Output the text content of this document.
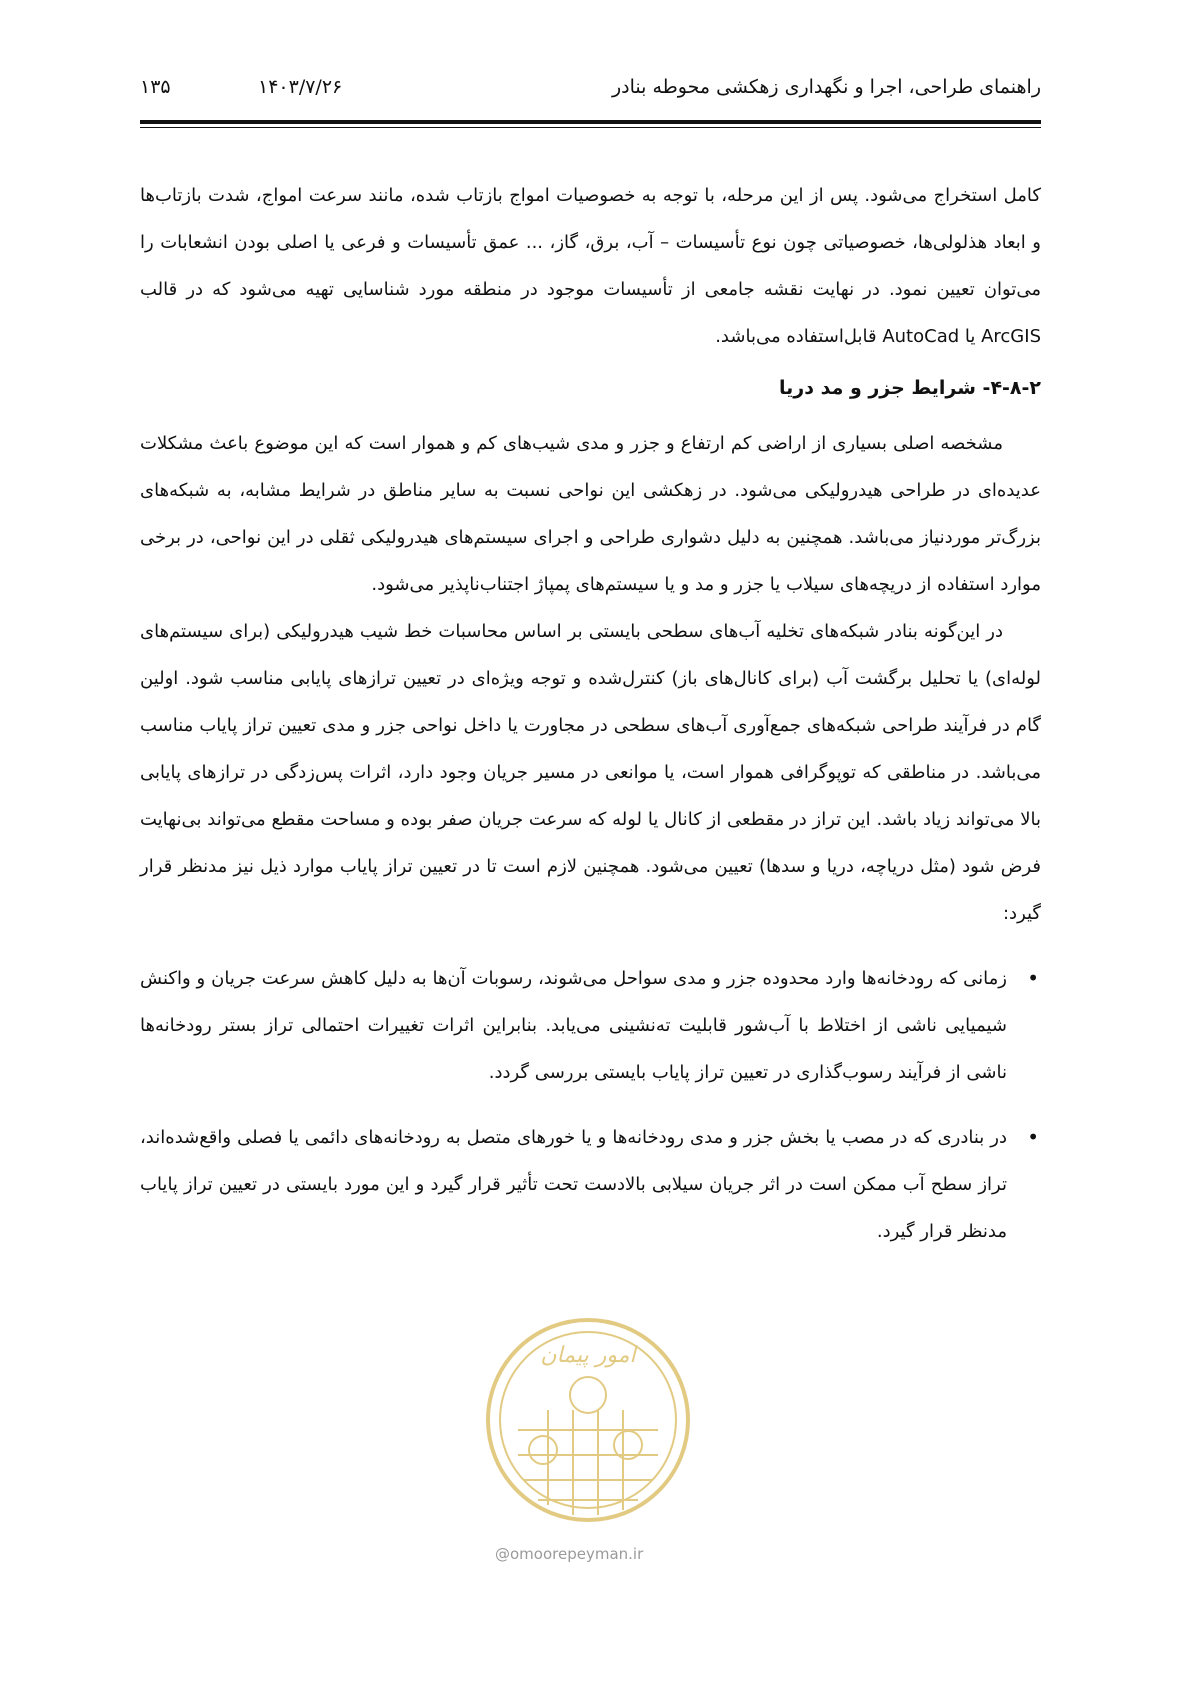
راهنمای طراحی، اجرا و نگهداری زهکشی محوطه بنادر
۱۴۰۳/۷/۲۶
۱۳۵

کامل استخراج می‌شود. پس از این مرحله، با توجه به خصوصیات امواج بازتاب شده، مانند سرعت امواج، شدت بازتاب‌ها و ابعاد هذلولی‌ها، خصوصیاتی چون نوع تأسیسات – آب، برق، گاز، ... عمق تأسیسات و فرعی یا اصلی بودن انشعابات را می‌توان تعیین نمود. در نهایت نقشه جامعی از تأسیسات موجود در منطقه مورد شناسایی تهیه می‌شود که در قالب ArcGIS یا AutoCad قابل‌استفاده می‌باشد.

۴-۸-۲- شرایط جزر و مد دریا

مشخصه اصلی بسیاری از اراضی کم ارتفاع و جزر و مدی شیب‌های کم و هموار است که این موضوع باعث مشکلات عدیده‌ای در طراحی هیدرولیکی می‌شود. در زهکشی این نواحی نسبت به سایر مناطق در شرایط مشابه، به شبکه‌های بزرگ‌تر موردنیاز می‌باشد. همچنین به دلیل دشواری طراحی و اجرای سیستم‌های هیدرولیکی ثقلی در این نواحی، در برخی موارد استفاده از دریچه‌های سیلاب یا جزر و مد و یا سیستم‌های پمپاژ اجتناب‌ناپذیر می‌شود.

در این‌گونه بنادر شبکه‌های تخلیه آب‌های سطحی بایستی بر اساس محاسبات خط شیب هیدرولیکی (برای سیستم‌های لوله‌ای) یا تحلیل برگشت آب (برای کانال‌های باز) کنترل‌شده و توجه ویژه‌ای در تعیین ترازهای پایابی مناسب شود. اولین گام در فرآیند طراحی شبکه‌های جمع‌آوری آب‌های سطحی در مجاورت یا داخل نواحی جزر و مدی تعیین تراز پایاب مناسب می‌باشد. در مناطقی که توپوگرافی هموار است، یا موانعی در مسیر جریان وجود دارد، اثرات پس‌زدگی در ترازهای پایابی بالا می‌تواند زیاد باشد. این تراز در مقطعی از کانال یا لوله که سرعت جریان صفر بوده و مساحت مقطع می‌تواند بی‌نهایت فرض شود (مثل دریاچه، دریا و سدها) تعیین می‌شود. همچنین لازم است تا در تعیین تراز پایاب موارد ذیل نیز مدنظر قرار گیرد:

•
زمانی که رودخانه‌ها وارد محدوده جزر و مدی سواحل می‌شوند، رسوبات آن‌ها به دلیل کاهش سرعت جریان و واکنش شیمیایی ناشی از اختلاط با آب‌شور قابلیت ته‌نشینی می‌یابد. بنابراین اثرات تغییرات احتمالی تراز بستر رودخانه‌ها ناشی از فرآیند رسوب‌گذاری در تعیین تراز پایاب بایستی بررسی گردد.
•
در بنادری که در مصب یا بخش جزر و مدی رودخانه‌ها و یا خورهای متصل به رودخانه‌های دائمی یا فصلی واقع‌شده‌اند، تراز سطح آب ممکن است در اثر جریان سیلابی بالادست تحت تأثیر قرار گیرد و این مورد بایستی در تعیین تراز پایاب مدنظر قرار گیرد.
امور پیمان
@omoorepeyman.ir
